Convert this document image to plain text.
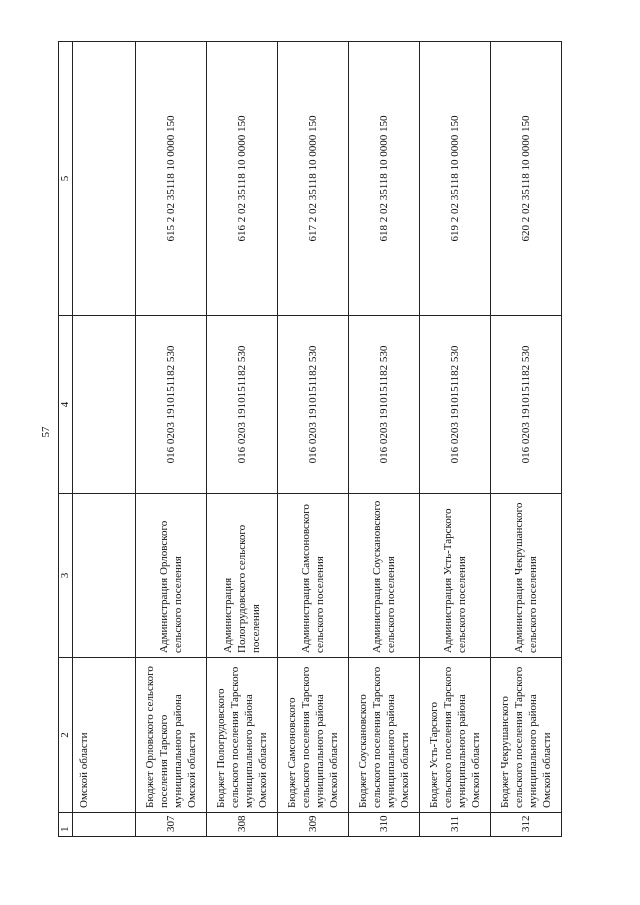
57
1	2	3	4	5
	Омской области			
307	Бюджет Орловского сельского поселения Тарского муниципального района Омской области	Администрация Орловского сельского поселения	016 0203 1910151182 530	615 2 02 35118 10 0000 150
308	Бюджет Пологрудовского сельского поселения Тарского муниципального района Омской области	Администрация Пологрудовского сельского поселения	016 0203 1910151182 530	616 2 02 35118 10 0000 150
309	Бюджет Самсоновского сельского поселения Тарского муниципального района Омской области	Администрация Самсоновского сельского поселения	016 0203 1910151182 530	617 2 02 35118 10 0000 150
310	Бюджет Соускановского сельского поселения Тарского муниципального района Омской области	Администрация Соускановского сельского поселения	016 0203 1910151182 530	618 2 02 35118 10 0000 150
311	Бюджет Усть-Тарского сельского поселения Тарского муниципального района Омской области	Администрация Усть-Тарского сельского поселения	016 0203 1910151182 530	619 2 02 35118 10 0000 150
312	Бюджет Чекрушанского сельского поселения Тарского муниципального района Омской области	Администрация Чекрушанского сельского поселения	016 0203 1910151182 530	620 2 02 35118 10 0000 150
